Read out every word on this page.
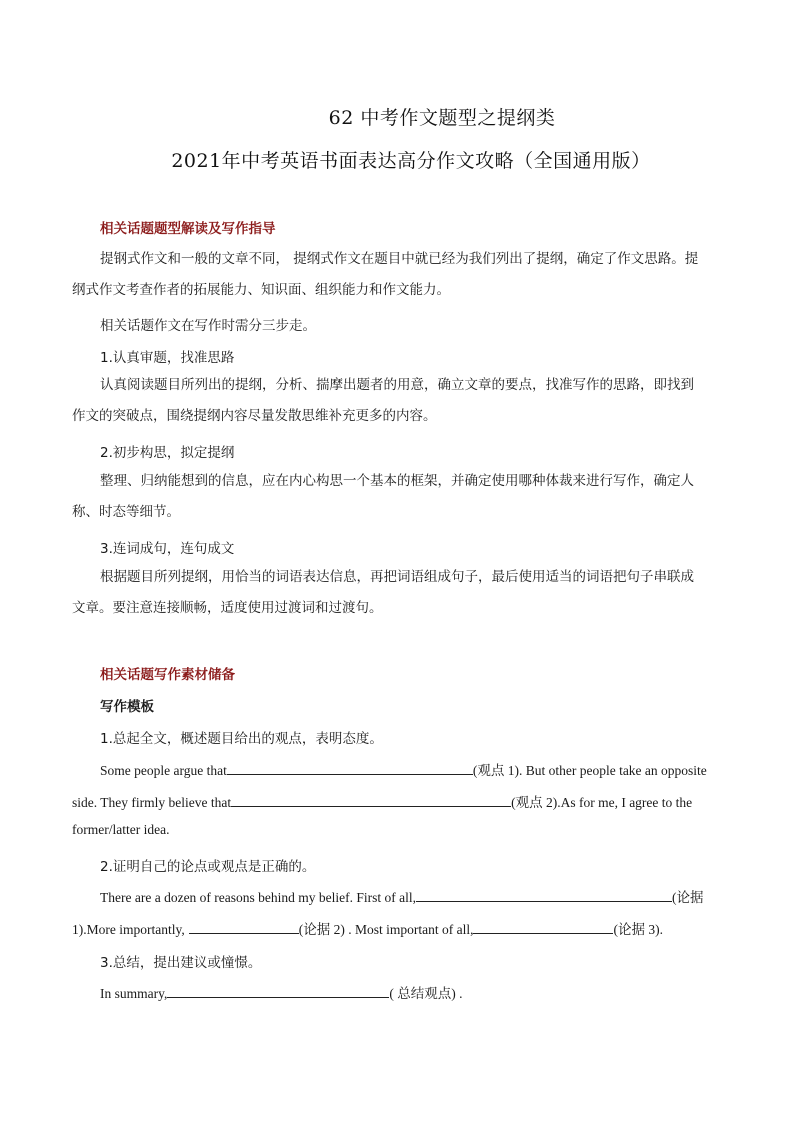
62 中考作文题型之提纲类
2021年中考英语书面表达高分作文攻略（全国通用版）
相关话题题型解读及写作指导
提钢式作文和一般的文章不同， 提纲式作文在题目中就已经为我们列出了提纲，确定了作文思路。提
纲式作文考查作者的拓展能力、知识面、组织能力和作文能力。
相关话题作文在写作时需分三步走。
1.认真审题，找准思路
认真阅读题目所列出的提纲，分析、揣摩出题者的用意，确立文章的要点，找准写作的思路，即找到
作文的突破点，围绕提纲内容尽量发散思维补充更多的内容。
2.初步构思，拟定提纲
整理、归纳能想到的信息，应在内心构思一个基本的框架，并确定使用哪种体裁来进行写作，确定人
称、时态等细节。
3.连词成句，连句成文
根据题目所列提纲，用恰当的词语表达信息，再把词语组成句子，最后使用适当的词语把句子串联成
文章。要注意连接顺畅，适度使用过渡词和过渡句。
相关话题写作素材储备
写作模板
1.总起全文，概述题目给出的观点，表明态度。
Some people argue that	(观点 1). But other people take an opposite
side. They firmly believe that	(观点 2).As for me, I agree to the
former/latter idea.
2.证明自己的论点或观点是正确的。
There are a dozen of reasons behind my belief. First of all,	(论据
1).More importantly,	(论据 2) . Most important of all,	(论据 3).
3.总结，提出建议或憧憬。
In summary,	( 总结观点) .
